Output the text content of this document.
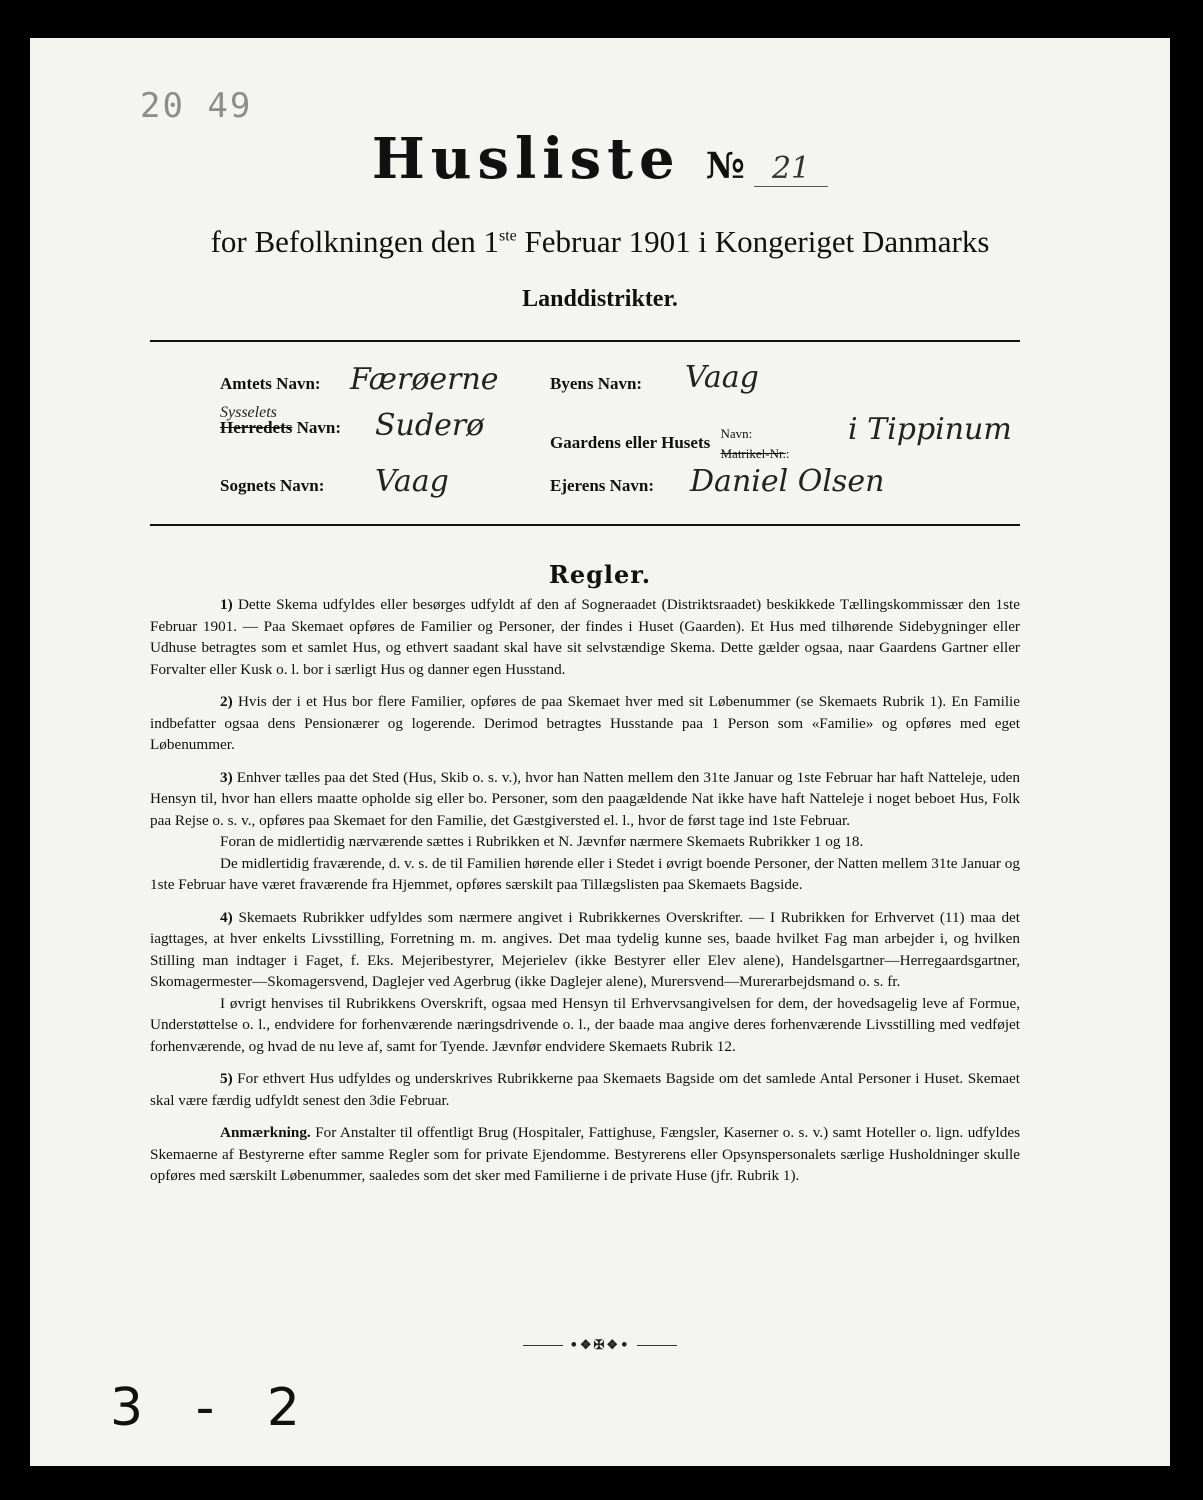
20 49
Husliste № 21
for Befolkningen den 1ste Februar 1901 i Kongeriget Danmarks
Landdistrikter.
Amtets Navn: Færøerne
Sysselets
Herredets Navn: Suderø
Sognets Navn: Vaag
Byens Navn: Vaag
Gaardens eller Husets Navn:
Matrikel-Nr.:
i Tippinum
Ejerens Navn: Daniel Olsen
Regler.

1) Dette Skema udfyldes eller besørges udfyldt af den af Sogneraadet (Distriktsraadet) beskikkede Tællingskommissær den 1ste Februar 1901. — Paa Skemaet opføres de Familier og Personer, der findes i Huset (Gaarden). Et Hus med tilhørende Sidebygninger eller Udhuse betragtes som et samlet Hus, og ethvert saadant skal have sit selvstændige Skema. Dette gælder ogsaa, naar Gaardens Gartner eller Forvalter eller Kusk o. l. bor i særligt Hus og danner egen Husstand.

2) Hvis der i et Hus bor flere Familier, opføres de paa Skemaet hver med sit Løbenummer (se Skemaets Rubrik 1). En Familie indbefatter ogsaa dens Pensionærer og logerende. Derimod betragtes Husstande paa 1 Person som «Familie» og opføres med eget Løbenummer.

3) Enhver tælles paa det Sted (Hus, Skib o. s. v.), hvor han Natten mellem den 31te Januar og 1ste Februar har haft Natteleje, uden Hensyn til, hvor han ellers maatte opholde sig eller bo. Personer, som den paagældende Nat ikke have haft Natteleje i noget beboet Hus, Folk paa Rejse o. s. v., opføres paa Skemaet for den Familie, det Gæstgiversted el. l., hvor de først tage ind 1ste Februar.

Foran de midlertidig nærværende sættes i Rubrikken et N. Jævnfør nærmere Skemaets Rubrikker 1 og 18.

De midlertidig fraværende, d. v. s. de til Familien hørende eller i Stedet i øvrigt boende Personer, der Natten mellem 31te Januar og 1ste Februar have været fraværende fra Hjemmet, opføres særskilt paa Tillægslisten paa Skemaets Bagside.

4) Skemaets Rubrikker udfyldes som nærmere angivet i Rubrikkernes Overskrifter. — I Rubrikken for Erhvervet (11) maa det iagttages, at hver enkelts Livsstilling, Forretning m. m. angives. Det maa tydelig kunne ses, baade hvilket Fag man arbejder i, og hvilken Stilling man indtager i Faget, f. Eks. Mejeribestyrer, Mejerielev (ikke Bestyrer eller Elev alene), Handelsgartner—Herregaardsgartner, Skomagermester—Skomagersvend, Daglejer ved Agerbrug (ikke Daglejer alene), Murersvend—Murerarbejdsmand o. s. fr.

I øvrigt henvises til Rubrikkens Overskrift, ogsaa med Hensyn til Erhvervsangivelsen for dem, der hovedsagelig leve af Formue, Understøttelse o. l., endvidere for forhenværende næringsdrivende o. l., der baade maa angive deres forhenværende Livsstilling med vedføjet forhenværende, og hvad de nu leve af, samt for Tyende. Jævnfør endvidere Skemaets Rubrik 12.

5) For ethvert Hus udfyldes og underskrives Rubrikkerne paa Skemaets Bagside om det samlede Antal Personer i Huset. Skemaet skal være færdig udfyldt senest den 3die Februar.

Anmærkning. For Anstalter til offentligt Brug (Hospitaler, Fattighuse, Fængsler, Kaserner o. s. v.) samt Hoteller o. lign. udfyldes Skemaerne af Bestyrerne efter samme Regler som for private Ejendomme. Bestyrerens eller Opsynspersonalets særlige Husholdninger skulle opføres med særskilt Løbenummer, saaledes som det sker med Familierne i de private Huse (jfr. Rubrik 1).

•❖✠❖•
3 - 2
